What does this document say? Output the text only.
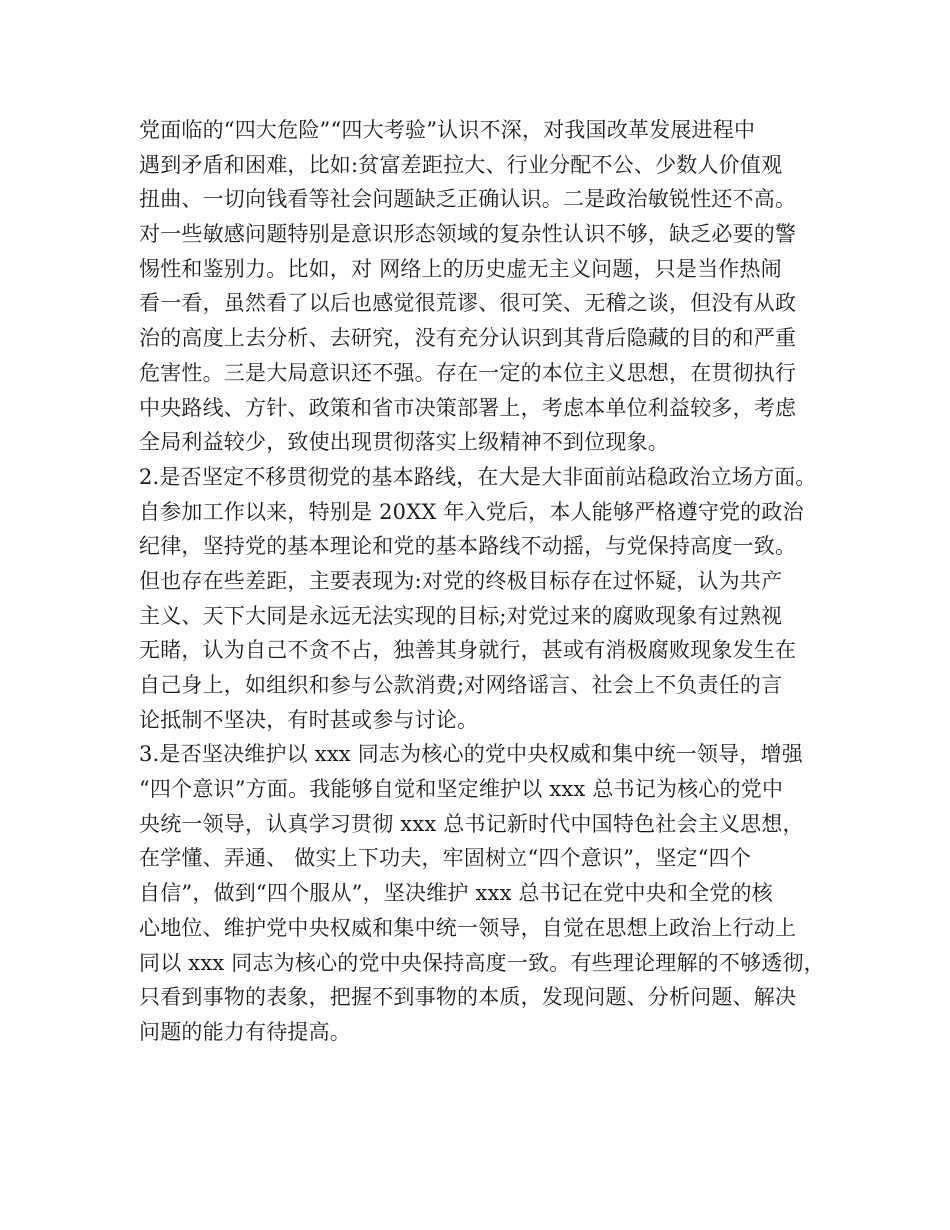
党面临的“四大危险”“四大考验”认识不深，对我国改革发展进程中
遇到矛盾和困难，比如:贫富差距拉大、行业分配不公、少数人价值观
扭曲、一切向钱看等社会问题缺乏正确认识。二是政治敏锐性还不高。
对一些敏感问题特别是意识形态领域的复杂性认识不够，缺乏必要的警
惕性和鉴别力。比如，对 网络上的历史虚无主义问题，只是当作热闹
看一看，虽然看了以后也感觉很荒谬、很可笑、无稽之谈，但没有从政
治的高度上去分析、去研究，没有充分认识到其背后隐藏的目的和严重
危害性。三是大局意识还不强。存在一定的本位主义思想，在贯彻执行
中央路线、方针、政策和省市决策部署上，考虑本单位利益较多，考虑
全局利益较少，致使出现贯彻落实上级精神不到位现象。
2.是否坚定不移贯彻党的基本路线，在大是大非面前站稳政治立场方面。
自参加工作以来，特别是 20XX 年入党后，本人能够严格遵守党的政治
纪律，坚持党的基本理论和党的基本路线不动摇，与党保持高度一致。
但也存在些差距，主要表现为:对党的终极目标存在过怀疑，认为共产
主义、天下大同是永远无法实现的目标;对党过来的腐败现象有过熟视
无睹，认为自己不贪不占，独善其身就行，甚或有消极腐败现象发生在
自己身上，如组织和参与公款消费;对网络谣言、社会上不负责任的言
论抵制不坚决，有时甚或参与讨论。
3.是否坚决维护以 xxx 同志为核心的党中央权威和集中统一领导，增强
“四个意识”方面。我能够自觉和坚定维护以 xxx 总书记为核心的党中
央统一领导，认真学习贯彻 xxx 总书记新时代中国特色社会主义思想，
在学懂、弄通、 做实上下功夫，牢固树立“四个意识”，坚定“四个
自信”，做到“四个服从”，坚决维护 xxx 总书记在党中央和全党的核
心地位、维护党中央权威和集中统一领导，自觉在思想上政治上行动上
同以 xxx 同志为核心的党中央保持高度一致。有些理论理解的不够透彻，
只看到事物的表象，把握不到事物的本质，发现问题、分析问题、解决
问题的能力有待提高。
